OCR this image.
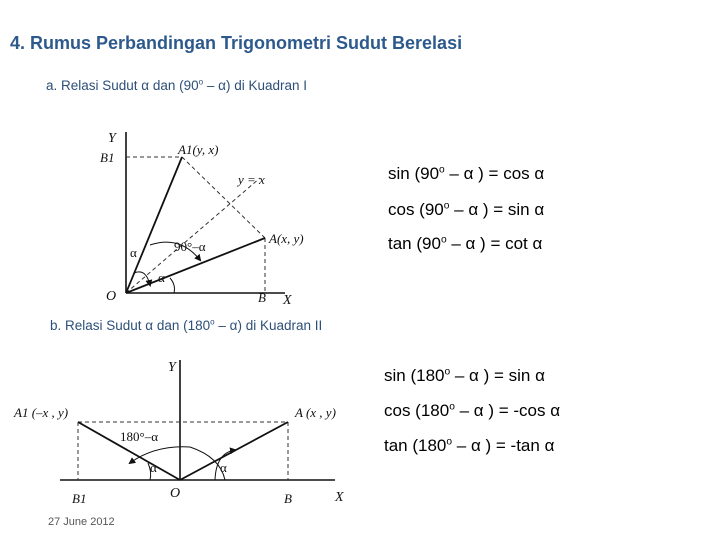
4. Rumus Perbandingan Trigonometri Sudut Berelasi
a. Relasi Sudut α dan (90$^o$ – α) di Kuadran I
Y
B1
A1(y, x)
y = x
A(x, y)
90°–α
α
α
O	B X
sin (90$^o$ – α ) = cos α
cos (90$^o$ – α ) = sin α
tan (90$^o$ – α ) = cot α
b. Relasi Sudut α dan (180$^o$ – α) di Kuadran II
Y
A1 (–x , y)	A (x , y)
180°–α
α	α
O
B1	B	X
sin (180$^o$ – α ) = sin α
cos (180$^o$ – α ) = -cos α
tan (180$^o$ – α ) = -tan α
27 June 2012
